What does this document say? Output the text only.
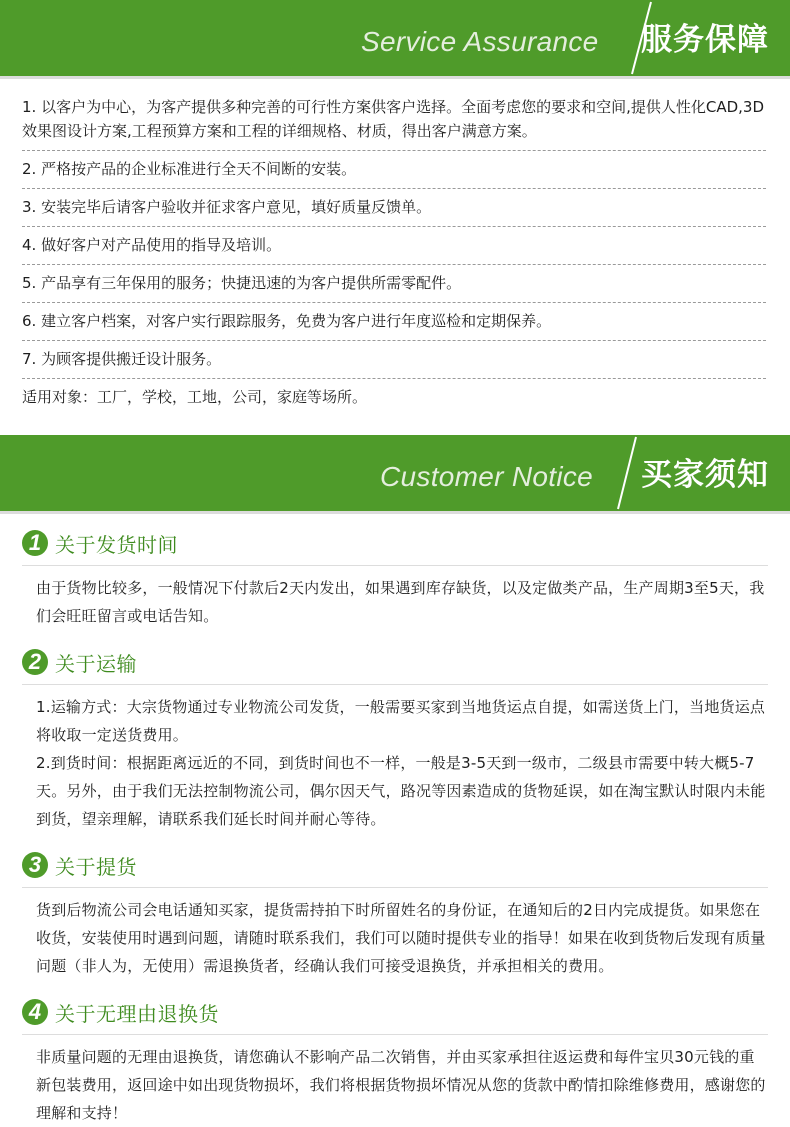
Service Assurance 服务保障
1. 以客户为中心，为客产提供多种完善的可行性方案供客户选择。全面考虑您的要求和空间,提供人性化CAD,3D效果图设计方案,工程预算方案和工程的详细规格、材质，得出客户满意方案。
2. 严格按产品的企业标准进行全天不间断的安装。
3. 安装完毕后请客户验收并征求客户意见，填好质量反馈单。
4. 做好客户对产品使用的指导及培训。
5. 产品享有三年保用的服务；快捷迅速的为客户提供所需零配件。
6. 建立客户档案，对客户实行跟踪服务，免费为客户进行年度巡检和定期保养。
7. 为顾客提供搬迁设计服务。
适用对象：工厂，学校，工地，公司，家庭等场所。
Customer Notice 买家须知
1 关于发货时间

由于货物比较多，一般情况下付款后2天内发出，如果遇到库存缺货，以及定做类产品，生产周期3至5天，我们会旺旺留言或电话告知。

2 关于运输

1.运输方式：大宗货物通过专业物流公司发货，一般需要买家到当地货运点自提，如需送货上门，当地货运点将收取一定送货费用。

2.到货时间：根据距离远近的不同，到货时间也不一样，一般是3-5天到一级市，二级县市需要中转大概5-7天。另外，由于我们无法控制物流公司，偶尔因天气，路况等因素造成的货物延误，如在淘宝默认时限内未能到货，望亲理解，请联系我们延长时间并耐心等待。

3 关于提货

货到后物流公司会电话通知买家，提货需持拍下时所留姓名的身份证，在通知后的2日内完成提货。如果您在收货，安装使用时遇到问题，请随时联系我们，我们可以随时提供专业的指导！如果在收到货物后发现有质量问题（非人为，无使用）需退换货者，经确认我们可接受退换货，并承担相关的费用。

4 关于无理由退换货

非质量问题的无理由退换货，请您确认不影响产品二次销售，并由买家承担往返运费和每件宝贝30元钱的重新包装费用，返回途中如出现货物损坏，我们将根据货物损坏情况从您的货款中酌情扣除维修费用，感谢您的理解和支持！
